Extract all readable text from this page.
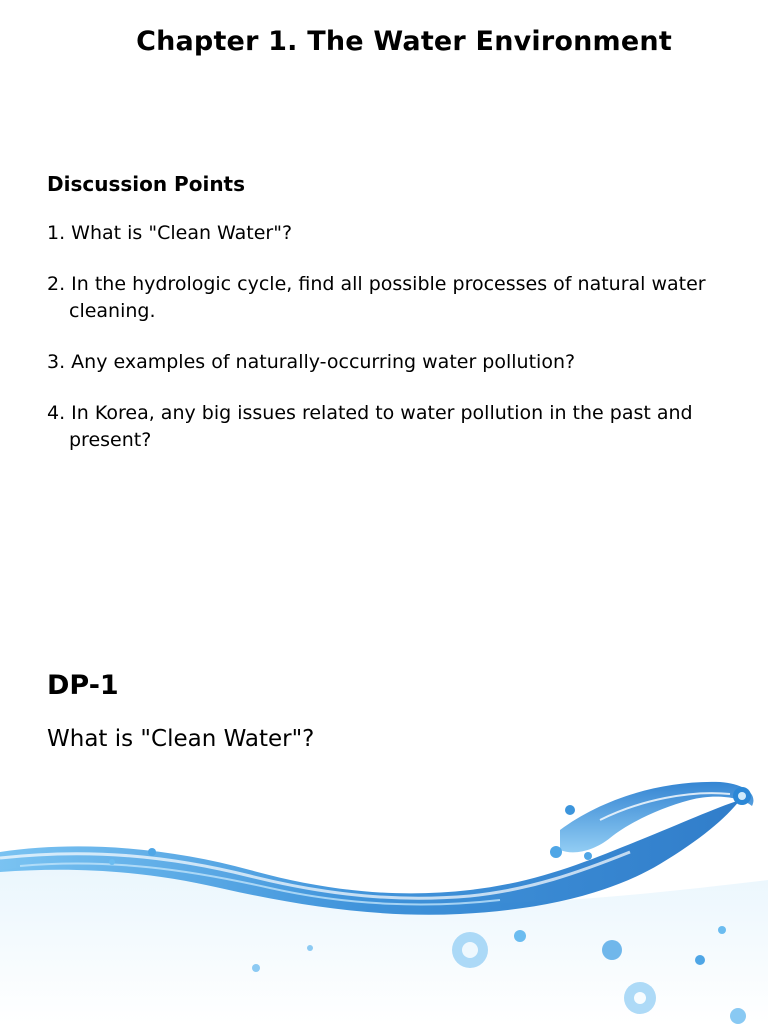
Chapter 1. The Water Environment
Discussion Points
1. What is "Clean Water"?
2. In the hydrologic cycle, find all possible processes of natural water cleaning.
3. Any examples of naturally-occurring water pollution?
4. In Korea, any big issues related to water pollution in the past and present?
DP-1
What is "Clean Water"?
